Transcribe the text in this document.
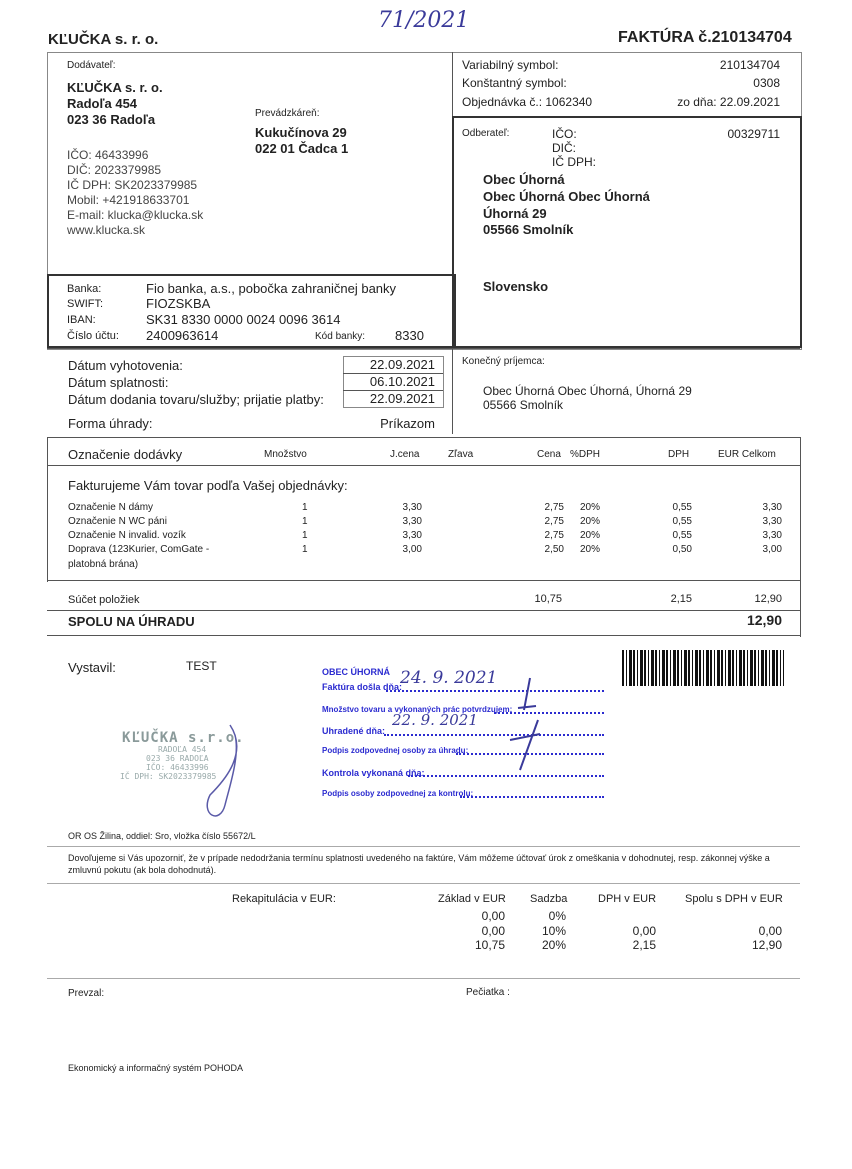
71/2021
KĽUČKA s. r. o.	FAKTÚRA č.210134704
Dodávateľ:
KĽUČKA s. r. o.
Radoľa 454
023 36 Radoľa	Prevádzkáreň:
Kukučínova 29
022 01 Čadca 1
IČO: 46433996
DIČ: 2023379985
IČ DPH: SK2023379985
Mobil: +421918633701
E-mail: klucka@klucka.sk
www.klucka.sk
Variabilný symbol:	210134704
Konštantný symbol:	0308
Objednávka č.: 1062340	zo dňa: 22.09.2021
Odberateľ:	IČO:	00329711
DIČ:
IČ DPH:
Obec Úhorná
Obec Úhorná Obec Úhorná
Úhorná 29
05566 Smolník
Slovensko
Banka:	Fio banka, a.s., pobočka zahraničnej banky
SWIFT:	FIOZSKBA
IBAN:	SK31 8330 0000 0024 0096 3614
Číslo účtu: 2400963614	Kód banky: 8330
Dátum vyhotovenia:	22.09.2021
Dátum splatnosti:	06.10.2021
Dátum dodania tovaru/služby; prijatie platby:	22.09.2021
Forma úhrady:	Príkazom
Konečný príjemca:
Obec Úhorná Obec Úhorná, Úhorná 29
05566 Smolník
Označenie dodávky	Množstvo	J.cena	Zľava	Cena %DPH	DPH	EUR Celkom
Fakturujeme Vám tovar podľa Vašej objednávky:
Označenie N dámy	1	3,30	2,75 20%	0,55	3,30
Označenie N WC páni	1	3,30	2,75 20%	0,55	3,30
Označenie N invalid. vozík	1	3,30	2,75 20%	0,55	3,30
Doprava (123Kurier, ComGate -	1	3,00	2,50 20%	0,50	3,00
platobná brána)
Súčet položiek	10,75	2,15	12,90
SPOLU NA ÚHRADU	12,90
Vystavil:	TEST	OBEC ÚHORNÁ
Faktúra došla dňa:
24. 9. 2021
Množstvo tovaru a vykonaných prác potvrdzujem:
Uhradené dňa:
22. 9. 2021
Podpis zodpovednej osoby za úhradu:
Kontrola vykonaná dňa:
Podpis osoby zodpovednej za kontrolu:
KĽUČKA s.r.o.
RADOĽA 454
023 36 RADOĽA
IČO: 46433996
IČ DPH: SK2023379985
OR OS Žilina, oddiel: Sro, vložka číslo 55672/L
Dovoľujeme si Vás upozorniť, že v prípade nedodržania termínu splatnosti uvedeného na faktúre, Vám môžeme účtovať úrok z omeškania v dohodnutej, resp. zákonnej výške a zmluvnú pokutu (ak bola dohodnutá).
Rekapitulácia v EUR:	Základ v EUR Sadzba	DPH v EUR	Spolu s DPH v EUR
0,00	0%
0,00	10%	0,00	0,00
10,75	20%	2,15	12,90
Prevzal:	Pečiatka :
Ekonomický a informačný systém POHODA
